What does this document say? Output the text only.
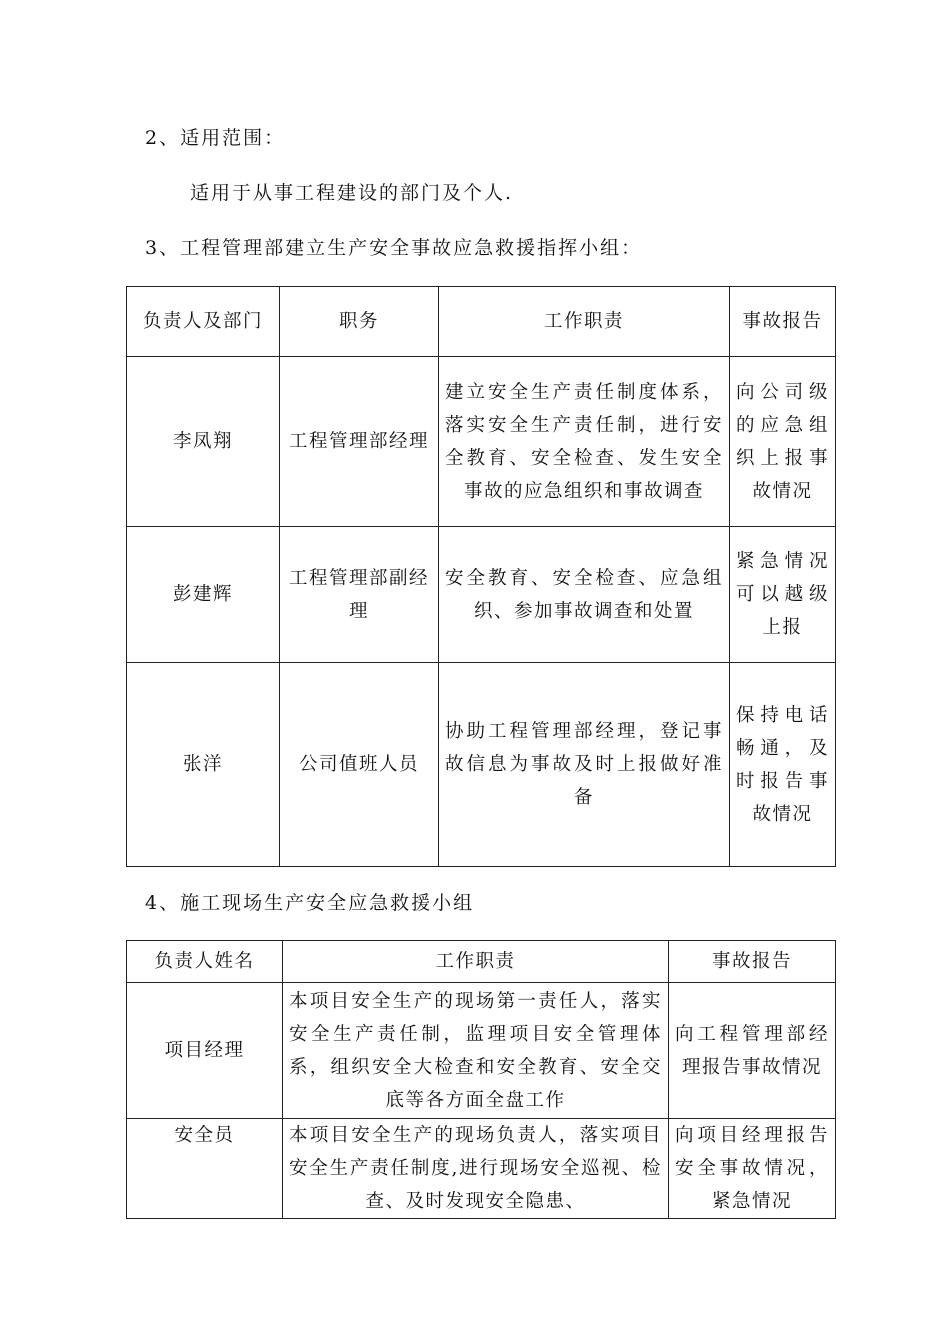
2、适用范围：
适用于从事工程建设的部门及个人.
3、工程管理部建立生产安全事故应急救援指挥小组：
负责人及部门	职务	工作职责	事故报告
李凤翔	工程管理部经理	建立安全生产责任制度体系，落实安全生产责任制，进行安全教育、安全检查、发生安全事故的应急组织和事故调查	向公司级的应急组织上报事故情况
彭建辉	工程管理部副经理	安全教育、安全检查、应急组织、参加事故调查和处置	紧急情况可以越级上报
张洋	公司值班人员	协助工程管理部经理，登记事故信息为事故及时上报做好准备	保持电话畅通，及时报告事故情况
4、施工现场生产安全应急救援小组
负责人姓名	工作职责	事故报告
项目经理	本项目安全生产的现场第一责任人，落实安全生产责任制，监理项目安全管理体系，组织安全大检查和安全教育、安全交底等各方面全盘工作	向工程管理部经理报告事故情况
安全员	本项目安全生产的现场负责人，落实项目安全生产责任制度,进行现场安全巡视、检查、及时发现安全隐患、	向项目经理报告安全事故情况，紧急情况
